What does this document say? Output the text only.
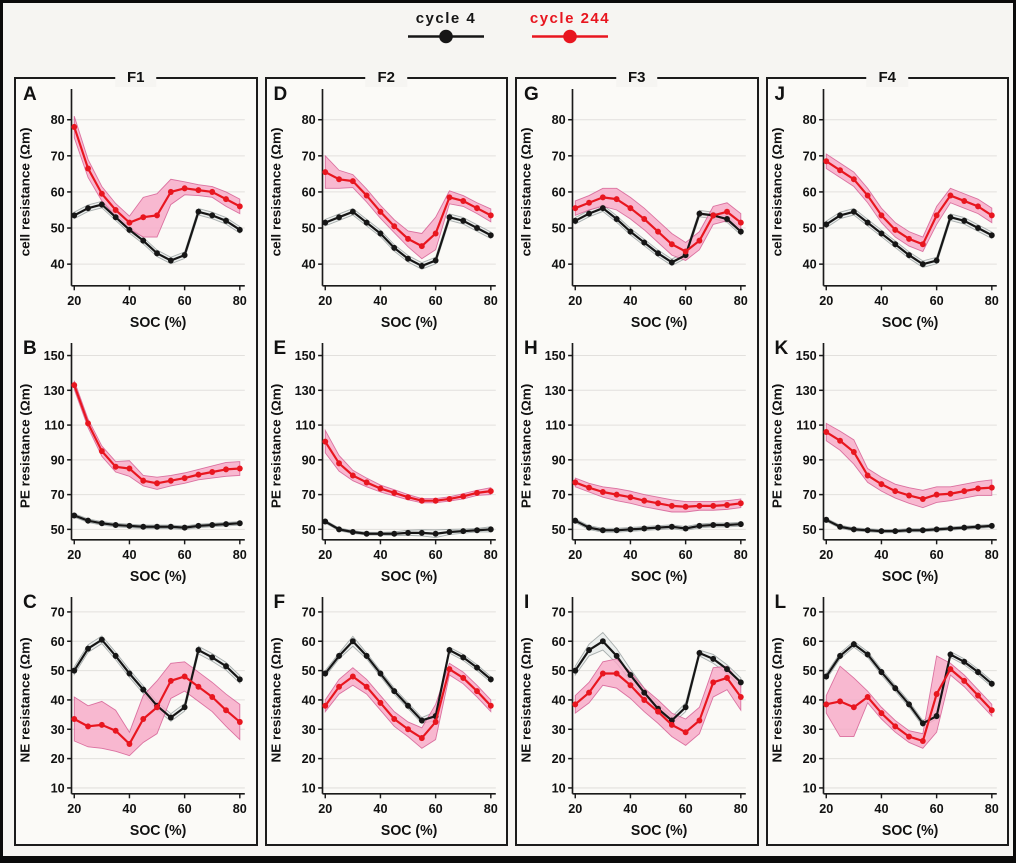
cycle 4	cycle 244
F1
A
40
50
60
70
80
20	40	60	80
cell resistance (Ωm)
SOC (%)
B
50
70
90
110
130
150
20	40	60	80
PE resistance (Ωm)
SOC (%)
C
10
20
30
40
50
60
70
20	40	60	80
NE resistance (Ωm)
SOC (%)
F2
D
40
50
60
70
80
20	40	60	80
cell resistance (Ωm)
SOC (%)
E
50
70
90
110
130
150
20	40	60	80
PE resistance (Ωm)
SOC (%)
F
10
20
30
40
50
60
70
20	40	60	80
NE resistance (Ωm)
SOC (%)
F3
G
40
50
60
70
80
20	40	60	80
cell resistance (Ωm)
SOC (%)
H
50
70
90
110
130
150
20	40	60	80
PE resistance (Ωm)
SOC (%)
I
10
20
30
40
50
60
70
20	40	60	80
NE resistance (Ωm)
SOC (%)
F4
J
40
50
60
70
80
20	40	60	80
cell resistance (Ωm)
SOC (%)
K
50
70
90
110
130
150
20	40	60	80
PE resistance (Ωm)
SOC (%)
L
10
20
30
40
50
60
70
20	40	60	80
NE resistance (Ωm)
SOC (%)
